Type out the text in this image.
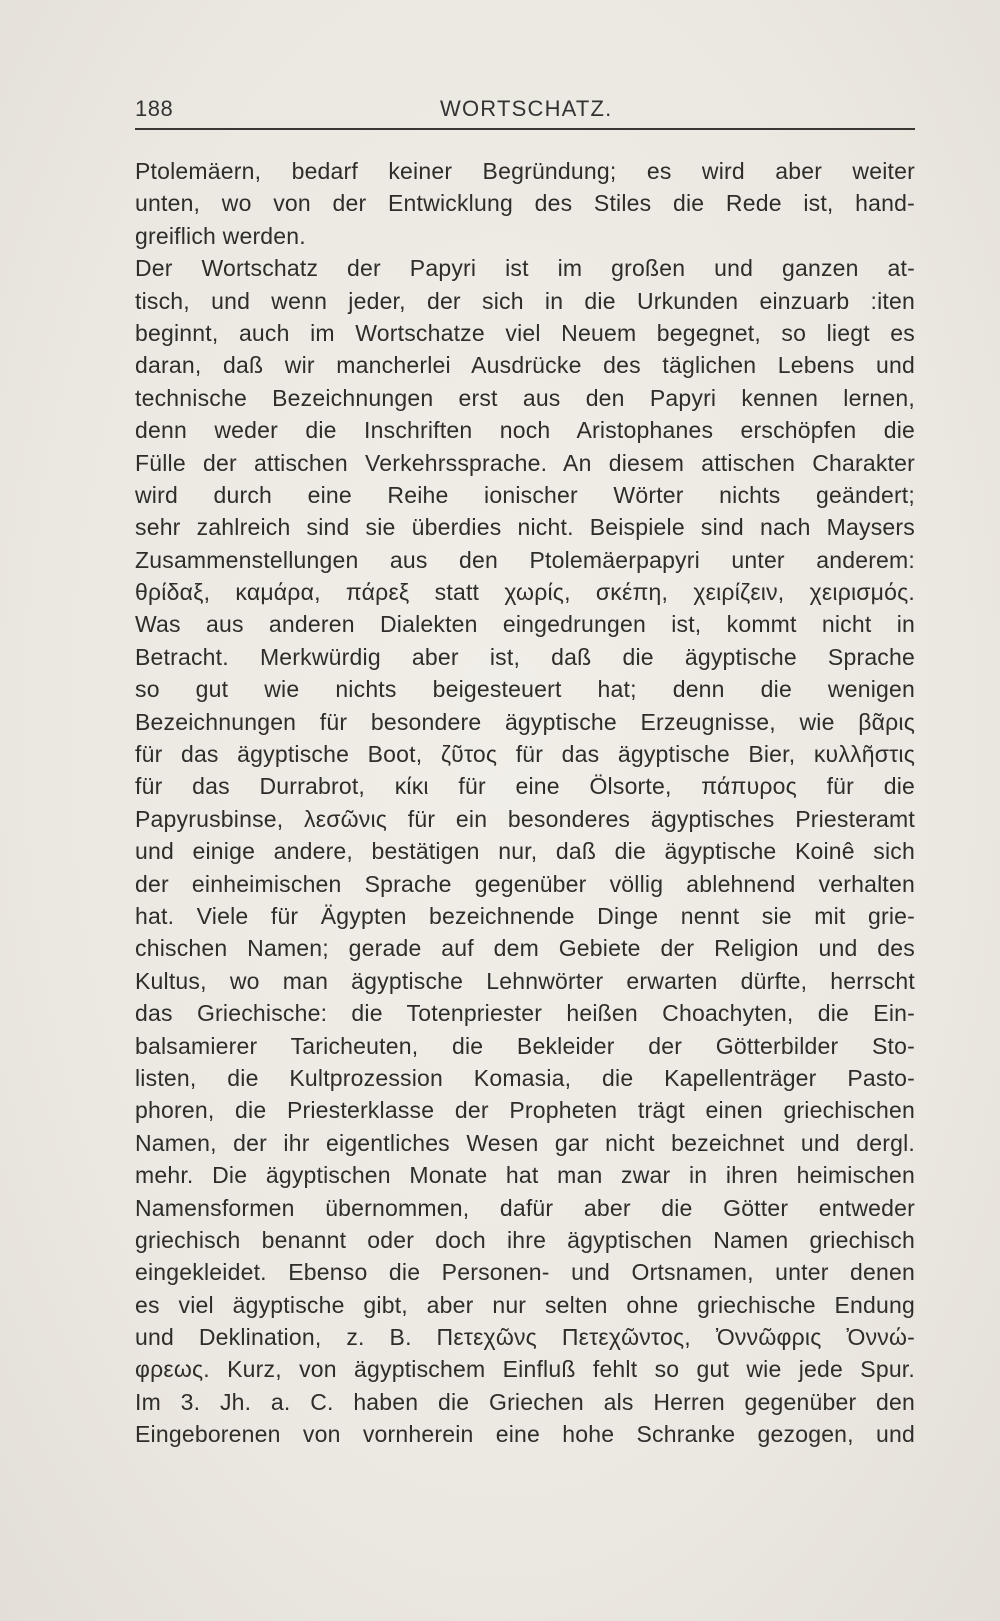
188	WORTSCHATZ.
Ptolemäern, bedarf keiner Begründung; es wird aber weiter
unten, wo von der Entwicklung des Stiles die Rede ist, hand-
greiflich werden.
Der Wortschatz der Papyri ist im großen und ganzen at-
tisch, und wenn jeder, der sich in die Urkunden einzuarb :iten
beginnt, auch im Wortschatze viel Neuem begegnet, so liegt es
daran, daß wir mancherlei Ausdrücke des täglichen Lebens und
technische Bezeichnungen erst aus den Papyri kennen lernen,
denn weder die Inschriften noch Aristophanes erschöpfen die
Fülle der attischen Verkehrssprache. An diesem attischen Charakter
wird durch eine Reihe ionischer Wörter nichts geändert;
sehr zahlreich sind sie überdies nicht. Beispiele sind nach Maysers
Zusammenstellungen aus den Ptolemäerpapyri unter anderem:
θρίδαξ, καμάρα, πάρεξ statt χωρίς, σκέπη, χειρίζειν, χειρισμός.
Was aus anderen Dialekten eingedrungen ist, kommt nicht in
Betracht. Merkwürdig aber ist, daß die ägyptische Sprache
so gut wie nichts beigesteuert hat; denn die wenigen
Bezeichnungen für besondere ägyptische Erzeugnisse, wie βᾶρις
für das ägyptische Boot, ζῦτος für das ägyptische Bier, κυλλῆστις
für das Durrabrot, κίκι für eine Ölsorte, πάπυρος für die
Papyrusbinse, λεσῶνις für ein besonderes ägyptisches Priesteramt
und einige andere, bestätigen nur, daß die ägyptische Koinê sich
der einheimischen Sprache gegenüber völlig ablehnend verhalten
hat. Viele für Ägypten bezeichnende Dinge nennt sie mit grie-
chischen Namen; gerade auf dem Gebiete der Religion und des
Kultus, wo man ägyptische Lehnwörter erwarten dürfte, herrscht
das Griechische: die Totenpriester heißen Choachyten, die Ein-
balsamierer Taricheuten, die Bekleider der Götterbilder Sto-
listen, die Kultprozession Komasia, die Kapellenträger Pasto-
phoren, die Priesterklasse der Propheten trägt einen griechischen
Namen, der ihr eigentliches Wesen gar nicht bezeichnet und dergl.
mehr. Die ägyptischen Monate hat man zwar in ihren heimischen
Namensformen übernommen, dafür aber die Götter entweder
griechisch benannt oder doch ihre ägyptischen Namen griechisch
eingekleidet. Ebenso die Personen- und Ortsnamen, unter denen
es viel ägyptische gibt, aber nur selten ohne griechische Endung
und Deklination, z. B. Πετεχῶνς Πετεχῶντος, Ὀννῶφρις Ὀννώ-
φρεως. Kurz, von ägyptischem Einfluß fehlt so gut wie jede Spur.
Im 3. Jh. a. C. haben die Griechen als Herren gegenüber den
Eingeborenen von vornherein eine hohe Schranke gezogen, und
